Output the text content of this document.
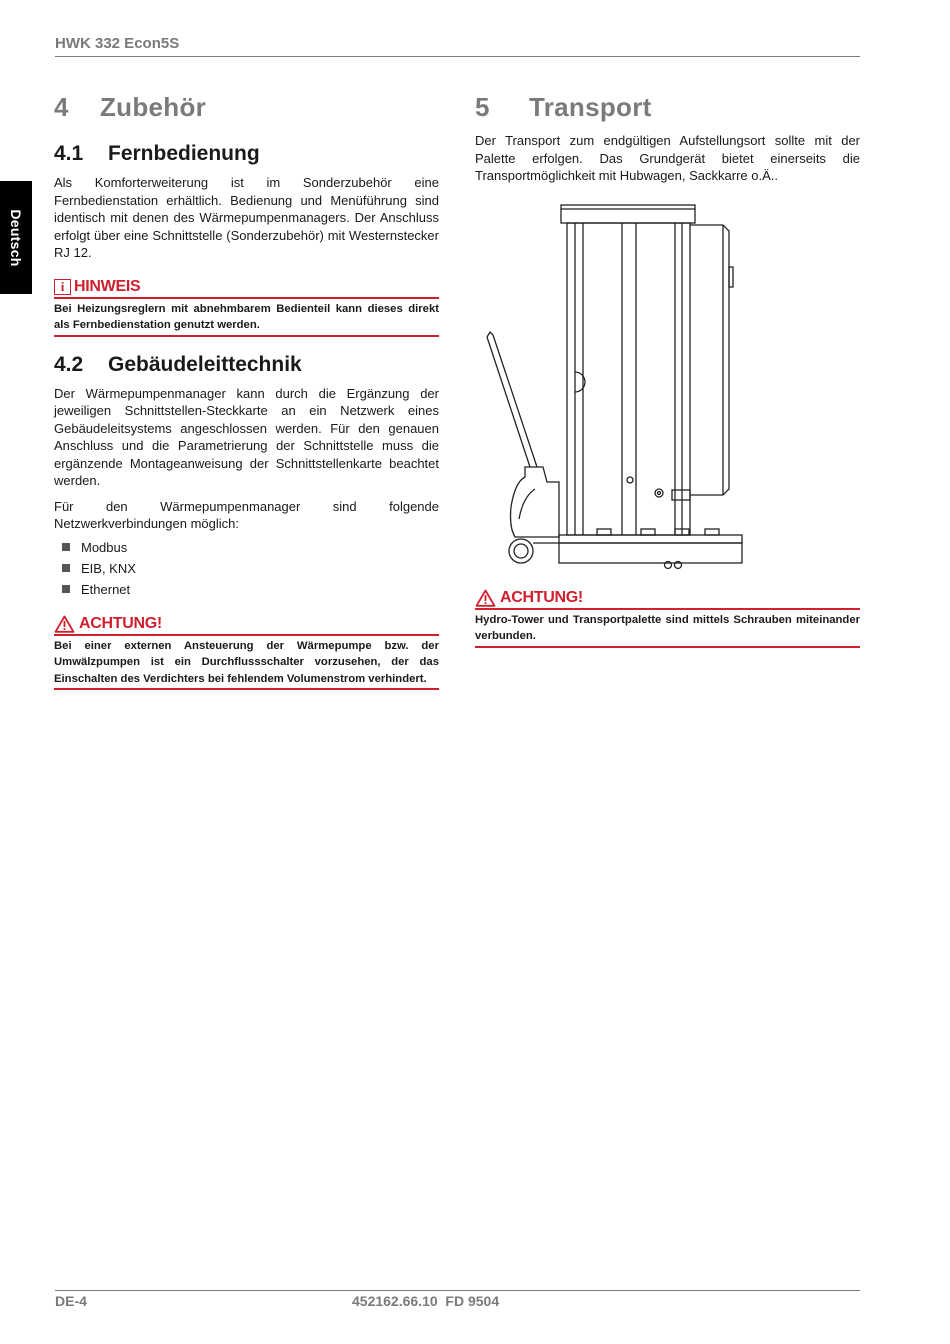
HWK 332 Econ5S
Deutsch
4	Zubehör
4.1	Fernbedienung

Als Komforterweiterung ist im Sonderzubehör eine Fernbedienstation erhältlich. Bedienung und Menüführung sind identisch mit denen des Wärmepumpenmanagers. Der Anschluss erfolgt über eine Schnittstelle (Sonderzubehör) mit Westernstecker RJ 12.

i HINWEIS
Bei Heizungsreglern mit abnehmbarem Bedienteil kann dieses direkt als Fernbedienstation genutzt werden.
4.2	Gebäudeleittechnik

Der Wärmepumpenmanager kann durch die Ergänzung der jeweiligen Schnittstellen-Steckkarte an ein Netzwerk eines Gebäudeleitsystems angeschlossen werden. Für den genauen Anschluss und die Parametrierung der Schnittstelle muss die ergänzende Montageanweisung der Schnittstellenkarte beachtet werden.

Für den Wärmepumpenmanager sind folgende Netzwerkverbindungen möglich:

Modbus
EIB, KNX
Ethernet
ACHTUNG!
Bei einer externen Ansteuerung der Wärmepumpe bzw. der Umwälzpumpen ist ein Durchflussschalter vorzusehen, der das Einschalten des Verdichters bei fehlendem Volumenstrom verhindert.
5	Transport

Der Transport zum endgültigen Aufstellungsort sollte mit der Palette erfolgen. Das Grundgerät bietet einerseits die Transportmöglichkeit mit Hubwagen, Sackkarre o.Ä..

ACHTUNG!
Hydro-Tower und Transportpalette sind mittels Schrauben miteinander verbunden.
DE-4	452162.66.10  FD 9504
